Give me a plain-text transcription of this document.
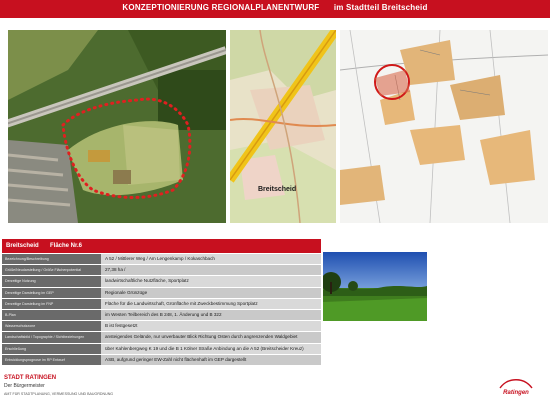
KONZEPTIONIERUNG REGIONALPLANENTWURF im Stadtteil Breitscheid
Breitscheid
Breitscheid Fläche Nr.6
Bezeichnung/Beschreibung	A 52 / Mittlerer Weg / Am Lengenkamp / Kokaschbach
Größe/Neudarstellung / Größe Flächenpotential	27,38 ha /
Derzeitige Nutzung	landwirtschaftliche Nutzfläche, Sportplatz
Derzeitige Darstellung im GEP	Regionale Grünzüge
Derzeitige Darstellung im FNP	Fläche für die Landwirtschaft, Grünfläche mit Zweckbestimmung Sportplatz
B-Plan	im Westen Teilbereich des B 248, 1. Änderung und B 322
Wasserschutzzone	B ist festgesetzt
Landschaftsbild / Topographie / Sichtbeziehungen	ansteigendes Gelände, nur unverbauter Blick Richtung Osten durch angrenzenden Waldgebiet
Erschließung	über Kahlenbergweg K 19 und die B 1 Kölner Straße Anbindung an die A 52 (Breitscheider Kreuz)
Entwicklungsprognose im RP Entwurf	ASB, aufgrund geringer EW-Zahl nicht flächenhaft im GEP dargestellt
STADT RATINGEN
Der Bürgermeister
AMT FÜR STADTPLANUNG, VERMESSUNG UND BAUORDNUNG	Ratingen
